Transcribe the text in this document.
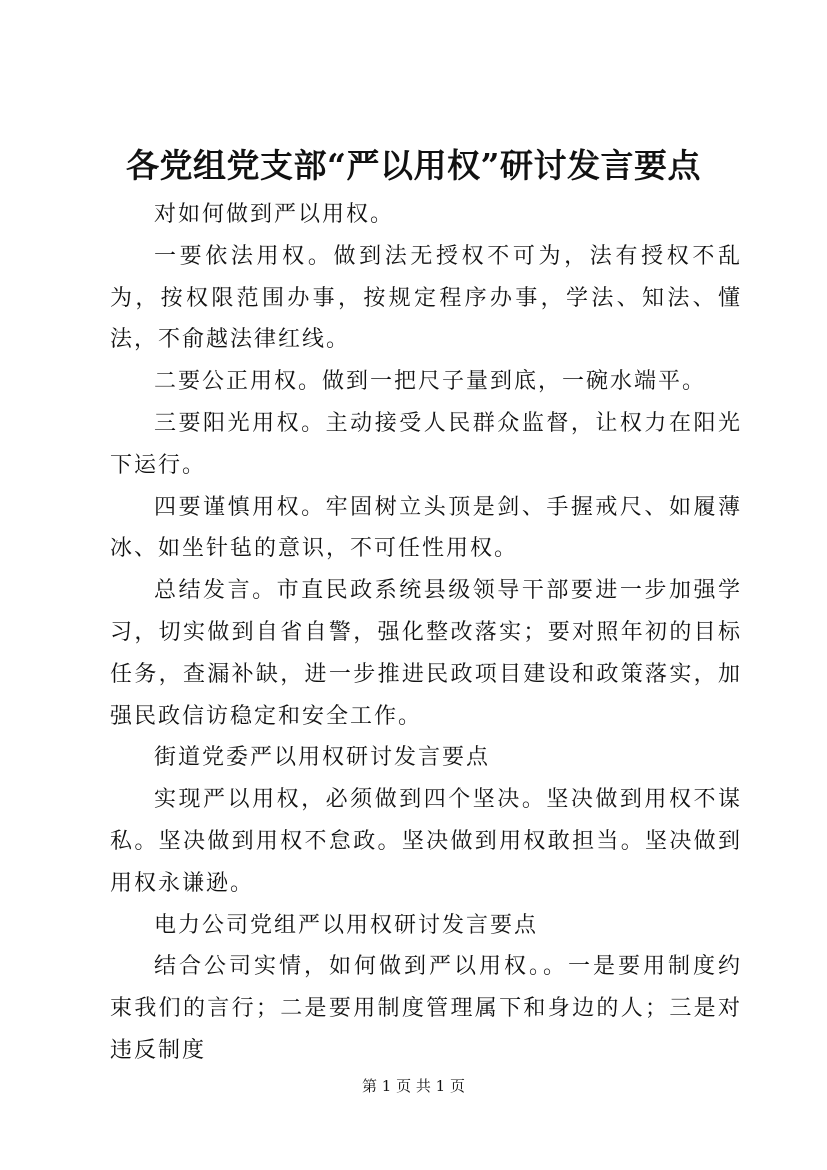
各党组党支部“严以用权”研讨发言要点

对如何做到严以用权。

一要依法用权。做到法无授权不可为，法有授权不乱为，按权限范围办事，按规定程序办事，学法、知法、懂法，不俞越法律红线。

二要公正用权。做到一把尺子量到底，一碗水端平。

三要阳光用权。主动接受人民群众监督，让权力在阳光下运行。

四要谨慎用权。牢固树立头顶是剑、手握戒尺、如履薄冰、如坐针毡的意识，不可任性用权。

总结发言。市直民政系统县级领导干部要进一步加强学习，切实做到自省自警，强化整改落实；要对照年初的目标任务，查漏补缺，进一步推进民政项目建设和政策落实，加强民政信访稳定和安全工作。

街道党委严以用权研讨发言要点

实现严以用权，必须做到四个坚决。坚决做到用权不谋私。坚决做到用权不怠政。坚决做到用权敢担当。坚决做到用权永谦逊。

电力公司党组严以用权研讨发言要点

结合公司实情，如何做到严以用权。。一是要用制度约束我们的言行；二是要用制度管理属下和身边的人；三是对违反制度

第 1 页 共 1 页
